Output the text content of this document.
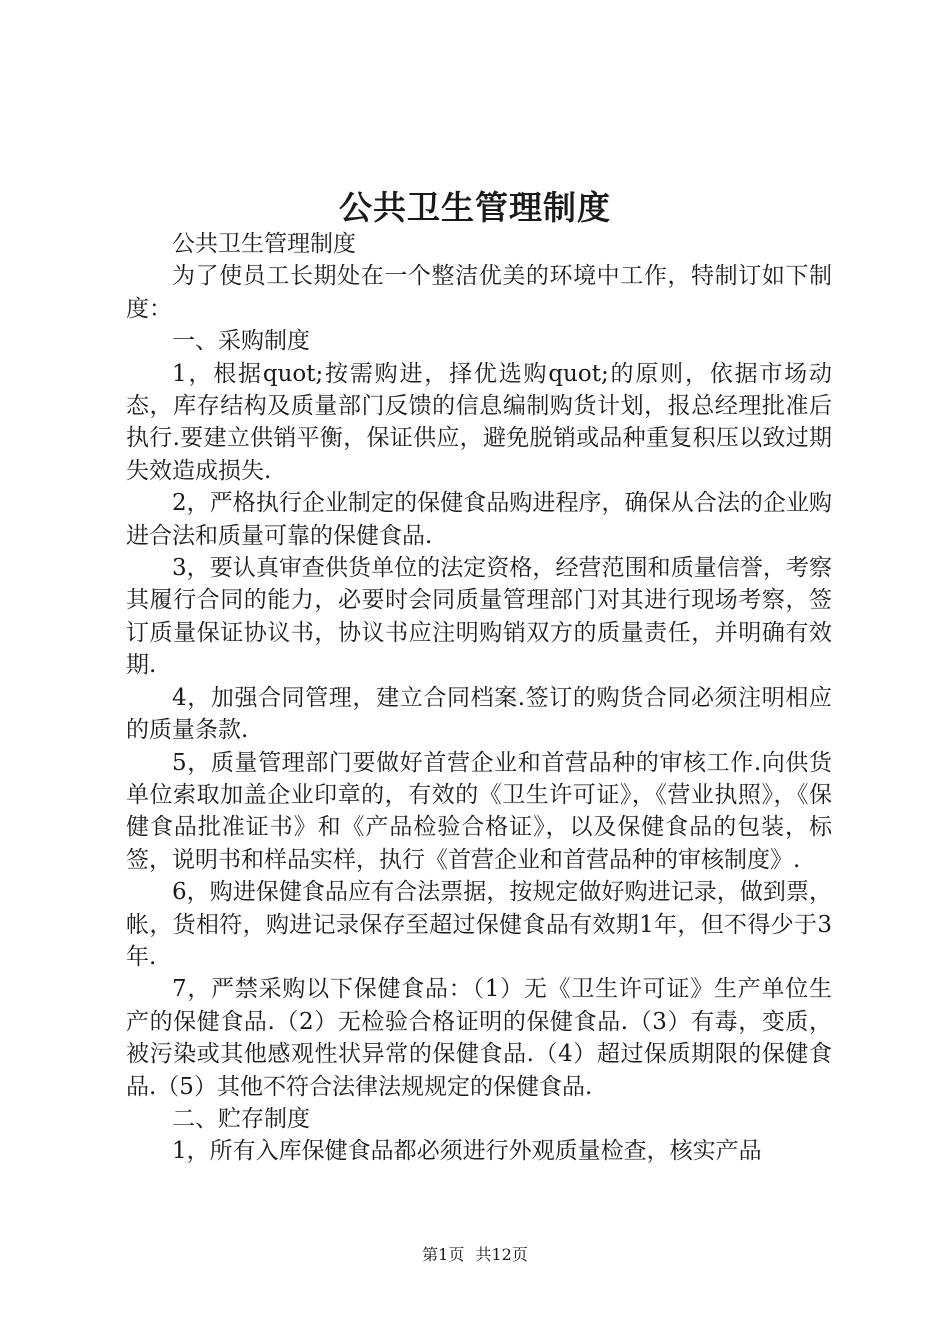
公共卫生管理制度

公共卫生管理制度

为了使员工长期处在一个整洁优美的环境中工作，特制订如下制度：

一、采购制度

1，根据quot;按需购进，择优选购quot;的原则，依据市场动态，库存结构及质量部门反馈的信息编制购货计划，报总经理批准后执行.要建立供销平衡，保证供应，避免脱销或品种重复积压以致过期失效造成损失.

2，严格执行企业制定的保健食品购进程序，确保从合法的企业购进合法和质量可靠的保健食品.

3，要认真审查供货单位的法定资格，经营范围和质量信誉，考察其履行合同的能力，必要时会同质量管理部门对其进行现场考察，签订质量保证协议书，协议书应注明购销双方的质量责任，并明确有效期.

4，加强合同管理，建立合同档案.签订的购货合同必须注明相应的质量条款.

5，质量管理部门要做好首营企业和首营品种的审核工作.向供货单位索取加盖企业印章的，有效的《卫生许可证》，《营业执照》，《保健食品批准证书》和《产品检验合格证》，以及保健食品的包装，标签，说明书和样品实样，执行《首营企业和首营品种的审核制度》.

6，购进保健食品应有合法票据，按规定做好购进记录，做到票，帐，货相符，购进记录保存至超过保健食品有效期1年，但不得少于3年.

7，严禁采购以下保健食品：（1）无《卫生许可证》生产单位生产的保健食品.（2）无检验合格证明的保健食品.（3）有毒，变质，被污染或其他感观性状异常的保健食品.（4）超过保质期限的保健食品.（5）其他不符合法律法规规定的保健食品.

二、贮存制度

1，所有入库保健食品都必须进行外观质量检查，核实产品

第1页 共12页
